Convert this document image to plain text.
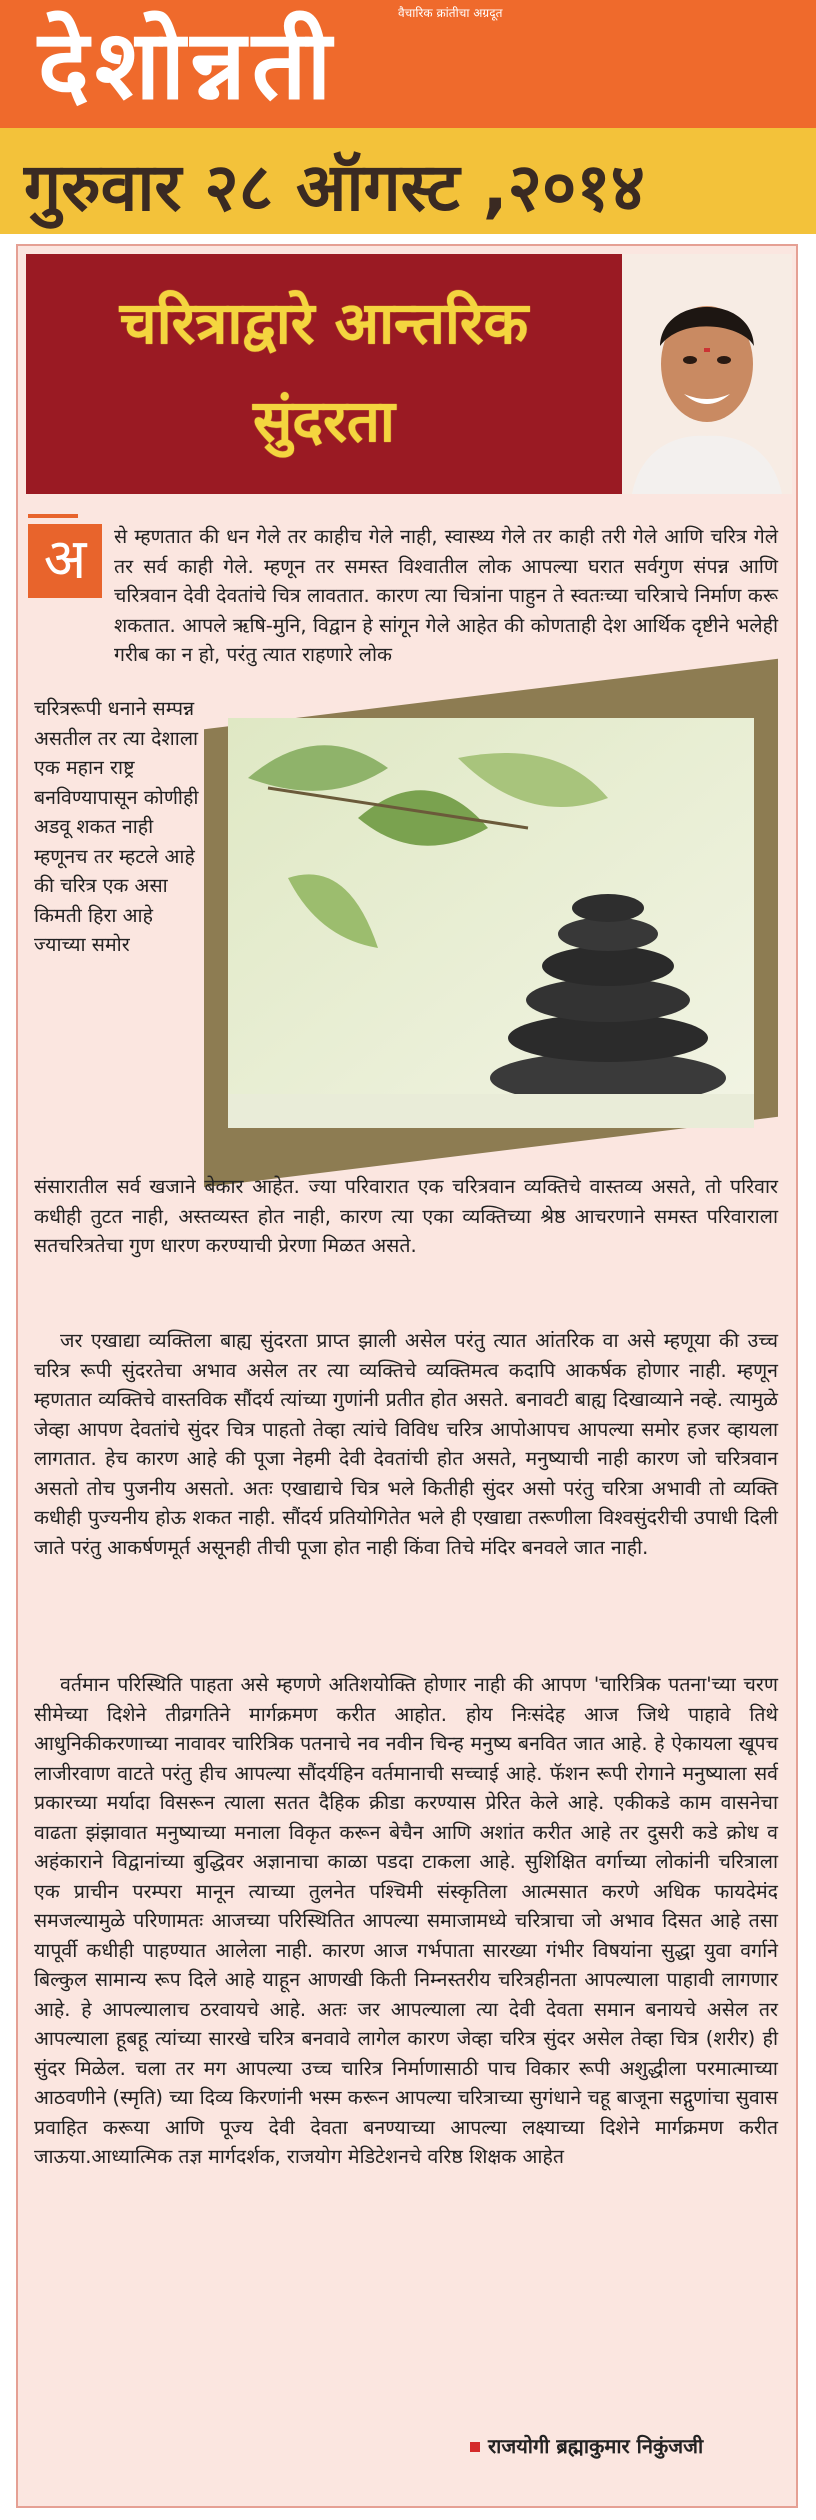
वैचारिक क्रांतीचा अग्रदूत
देशोन्नती
गुरुवार २८ ऑगस्ट ,२०१४
चरित्राद्वारे आन्तरिक
सुंदरता
अ	से म्हणतात की धन गेले तर काहीच गेले नाही, स्वास्थ्य गेले तर काही तरी गेले आणि चरित्र गेले तर सर्व काही गेले. म्हणून तर समस्त विश्वातील लोक आपल्या घरात सर्वगुण संपन्न आणि चरित्रवान देवी देवतांचे चित्र लावतात. कारण त्या चित्रांना पाहुन ते स्वतःच्या चरित्राचे निर्माण करू शकतात. आपले ऋषि-मुनि, विद्वान हे सांगून गेले आहेत की कोणताही देश आर्थिक दृष्टीने भलेही गरीब का न हो, परंतु त्यात राहणारे लोक

चरित्ररूपी धनाने सम्पन्न असतील तर त्या देशाला एक महान राष्ट्र बनविण्यापासून कोणीही अडवू शकत नाही म्हणूनच तर म्हटले आहे की चरित्र एक असा किमती हिरा आहे ज्याच्या समोर

संसारातील सर्व खजाने बेकार आहेत. ज्या परिवारात एक चरित्रवान व्यक्तिचे वास्तव्य असते, तो परिवार कधीही तुटत नाही, अस्तव्यस्त होत नाही, कारण त्या एका व्यक्तिच्या श्रेष्ठ आचरणाने समस्त परिवाराला सतचरित्रतेचा गुण धारण करण्याची प्रेरणा मिळत असते.

जर एखाद्या व्यक्तिला बाह्य सुंदरता प्राप्त झाली असेल परंतु त्यात आंतरिक वा असे म्हणूया की उच्च चरित्र रूपी सुंदरतेचा अभाव असेल तर त्या व्यक्तिचे व्यक्तिमत्व कदापि आकर्षक होणार नाही. म्हणून म्हणतात व्यक्तिचे वास्तविक सौंदर्य त्यांच्या गुणांनी प्रतीत होत असते. बनावटी बाह्य दिखाव्याने नव्हे. त्यामुळे जेव्हा आपण देवतांचे सुंदर चित्र पाहतो तेव्हा त्यांचे विविध चरित्र आपोआपच आपल्या समोर हजर व्हायला लागतात. हेच कारण आहे की पूजा नेहमी देवी देवतांची होत असते, मनुष्याची नाही कारण जो चरित्रवान असतो तोच पुजनीय असतो. अतः एखाद्याचे चित्र भले कितीही सुंदर असो परंतु चरित्रा अभावी तो व्यक्ति कधीही पुज्यनीय होऊ शकत नाही. सौंदर्य प्रतियोगितेत भले ही एखाद्या तरूणीला विश्वसुंदरीची उपाधी दिली जाते परंतु आकर्षणमूर्त असूनही तीची पूजा होत नाही किंवा तिचे मंदिर बनवले जात नाही.

वर्तमान परिस्थिति पाहता असे म्हणणे अतिशयोक्ति होणार नाही की आपण 'चारित्रिक पतना'च्या चरण सीमेच्या दिशेने तीव्रगतिने मार्गक्रमण करीत आहोत. होय निःसंदेह आज जिथे पाहावे तिथे आधुनिकीकरणाच्या नावावर चारित्रिक पतनाचे नव नवीन चिन्ह मनुष्य बनवित जात आहे. हे ऐकायला खूपच लाजीरवाण वाटते परंतु हीच आपल्या सौंदर्यहिन वर्तमानाची सच्चाई आहे. फॅशन रूपी रोगाने मनुष्याला सर्व प्रकारच्या मर्यादा विसरून त्याला सतत दैहिक क्रीडा करण्यास प्रेरित केले आहे. एकीकडे काम वासनेचा वाढता झंझावात मनुष्याच्या मनाला विकृत करून बेचैन आणि अशांत करीत आहे तर दुसरी कडे क्रोध व अहंकाराने विद्वानांच्या बुद्धिवर अज्ञानाचा काळा पडदा टाकला आहे. सुशिक्षित वर्गाच्या लोकांनी चरित्राला एक प्राचीन परम्परा मानून त्याच्या तुलनेत पश्चिमी संस्कृतिला आत्मसात करणे अधिक फायदेमंद समजल्यामुळे परिणामतः आजच्या परिस्थितित आपल्या समाजामध्ये चरित्राचा जो अभाव दिसत आहे तसा यापूर्वी कधीही पाहण्यात आलेला नाही. कारण आज गर्भपाता सारख्या गंभीर विषयांना सुद्धा युवा वर्गाने बिल्कुल सामान्य रूप दिले आहे याहून आणखी किती निम्नस्तरीय चरित्रहीनता आपल्याला पाहावी लागणार आहे. हे आपल्यालाच ठरवायचे आहे. अतः जर आपल्याला त्या देवी देवता समान बनायचे असेल तर आपल्याला हूबहू त्यांच्या सारखे चरित्र बनवावे लागेल कारण जेव्हा चरित्र सुंदर असेल तेव्हा चित्र (शरीर) ही सुंदर मिळेल. चला तर मग आपल्या उच्च चारित्र निर्माणासाठी पाच विकार रूपी अशुद्धीला परमात्माच्या आठवणीने (स्मृति) च्या दिव्य किरणांनी भस्म करून आपल्या चरित्राच्या सुगंधाने चहू बाजूना सद्गुणांचा सुवास प्रवाहित करूया आणि पूज्य देवी देवता बनण्याच्या आपल्या लक्ष्याच्या दिशेने मार्गक्रमण करीत जाऊया.आध्यात्मिक तज्ञ मार्गदर्शक, राजयोग मेडिटेशनचे वरिष्ठ शिक्षक आहेत

राजयोगी ब्रह्माकुमार निकुंजजी
